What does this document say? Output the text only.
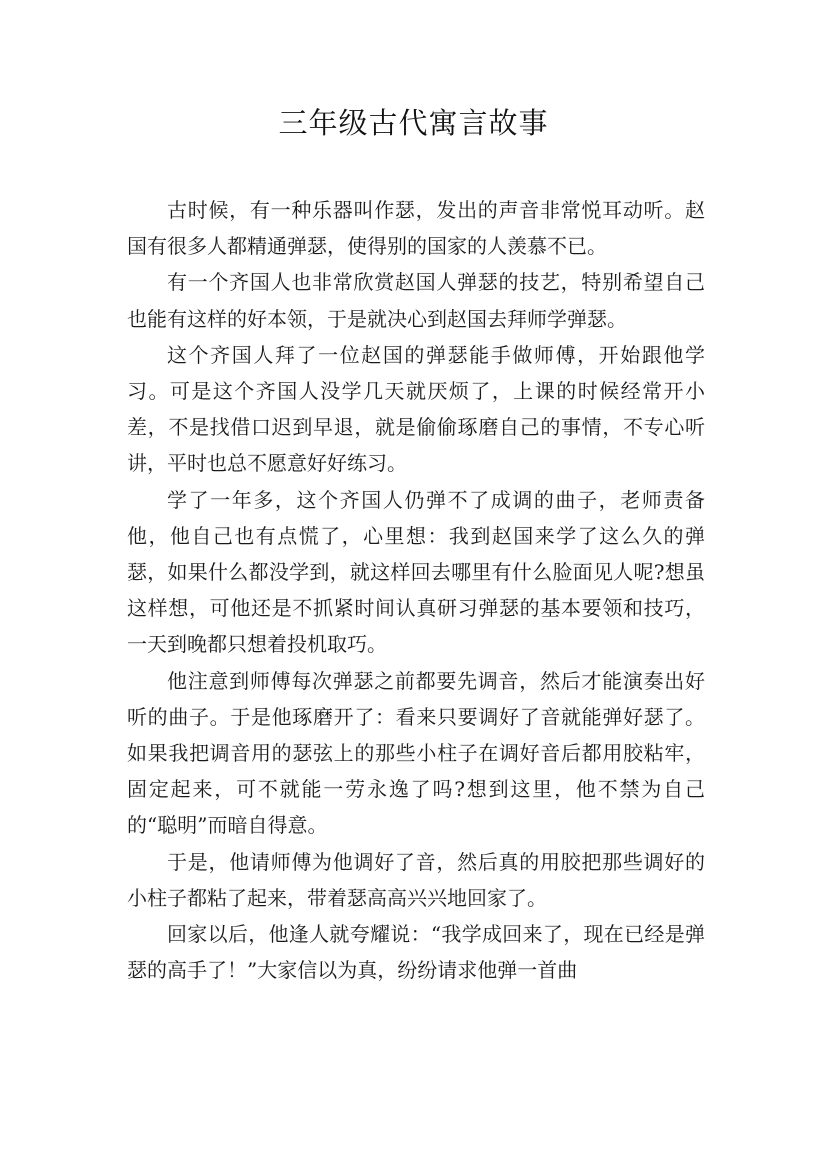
三年级古代寓言故事

古时候，有一种乐器叫作瑟，发出的声音非常悦耳动听。赵国有很多人都精通弹瑟，使得别的国家的人羡慕不已。

有一个齐国人也非常欣赏赵国人弹瑟的技艺，特别希望自己也能有这样的好本领，于是就决心到赵国去拜师学弹瑟。

这个齐国人拜了一位赵国的弹瑟能手做师傅，开始跟他学习。可是这个齐国人没学几天就厌烦了，上课的时候经常开小差，不是找借口迟到早退，就是偷偷琢磨自己的事情，不专心听讲，平时也总不愿意好好练习。

学了一年多，这个齐国人仍弹不了成调的曲子，老师责备他，他自己也有点慌了，心里想：我到赵国来学了这么久的弹瑟，如果什么都没学到，就这样回去哪里有什么脸面见人呢?想虽这样想，可他还是不抓紧时间认真研习弹瑟的基本要领和技巧，一天到晚都只想着投机取巧。

他注意到师傅每次弹瑟之前都要先调音，然后才能演奏出好听的曲子。于是他琢磨开了：看来只要调好了音就能弹好瑟了。如果我把调音用的瑟弦上的那些小柱子在调好音后都用胶粘牢，固定起来，可不就能一劳永逸了吗?想到这里，他不禁为自己的“聪明”而暗自得意。

于是，他请师傅为他调好了音，然后真的用胶把那些调好的小柱子都粘了起来，带着瑟高高兴兴地回家了。

回家以后，他逢人就夸耀说：“我学成回来了，现在已经是弹瑟的高手了！”大家信以为真，纷纷请求他弹一首曲
